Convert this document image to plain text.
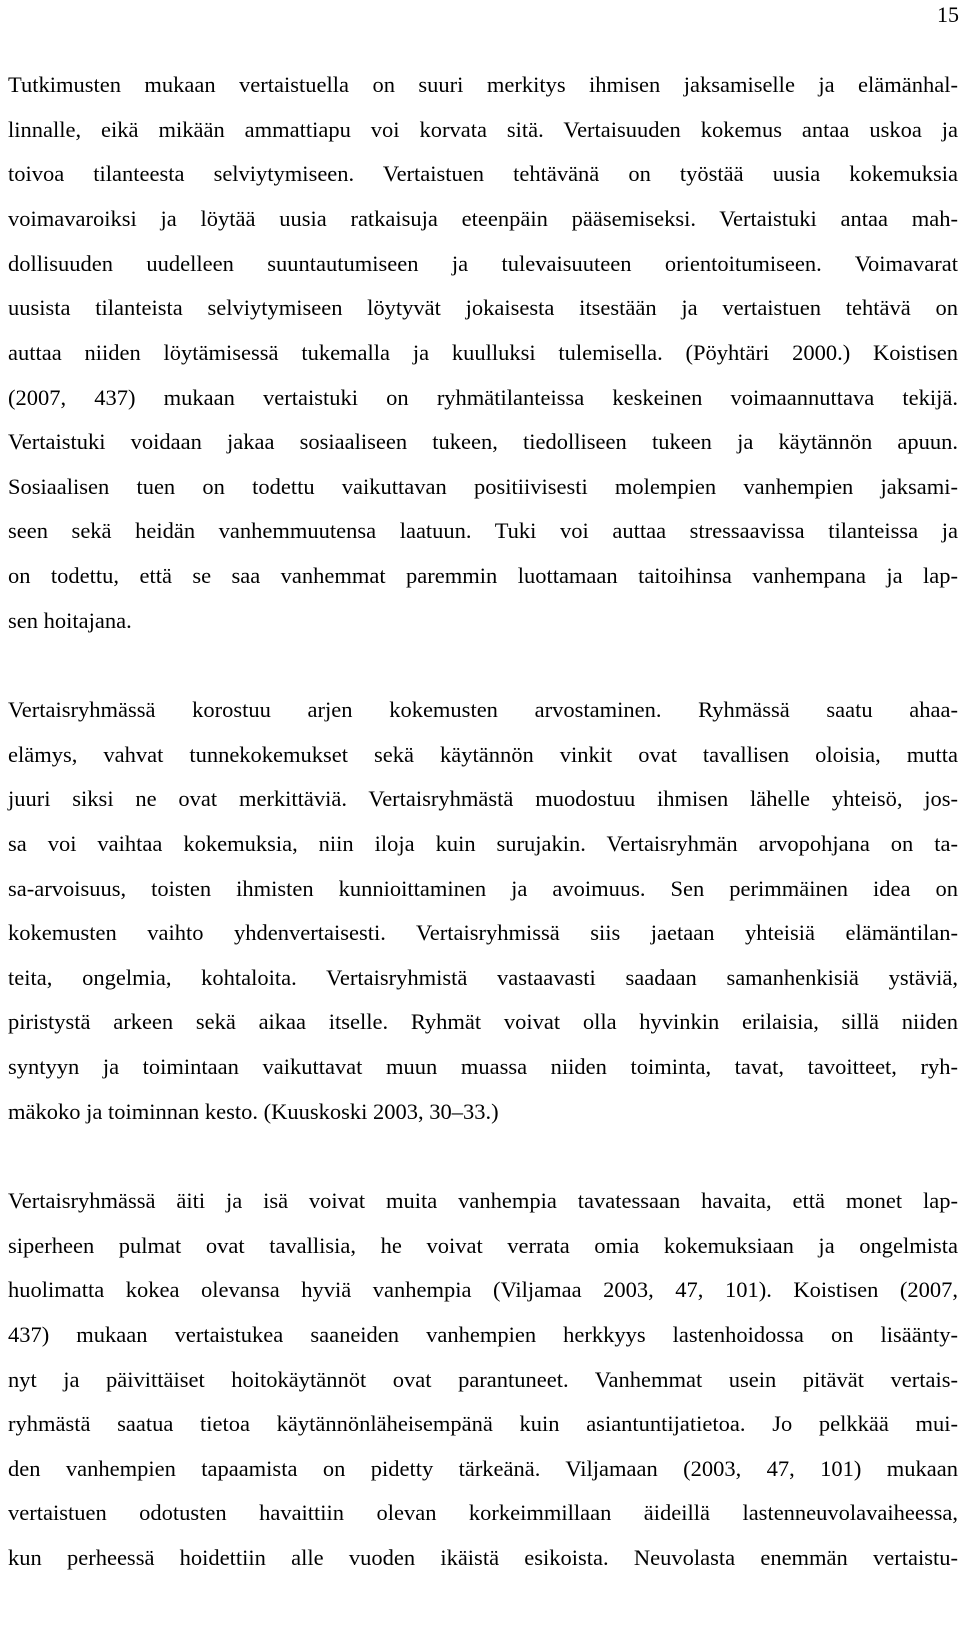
15

Tutkimusten mukaan vertaistuella on suuri merkitys ihmisen jaksamiselle ja elämänhal-

linnalle, eikä mikään ammattiapu voi korvata sitä. Vertaisuuden kokemus antaa uskoa ja

toivoa tilanteesta selviytymiseen. Vertaistuen tehtävänä on työstää uusia kokemuksia

voimavaroiksi ja löytää uusia ratkaisuja eteenpäin pääsemiseksi. Vertaistuki antaa mah-

dollisuuden uudelleen suuntautumiseen ja tulevaisuuteen orientoitumiseen. Voimavarat

uusista tilanteista selviytymiseen löytyvät jokaisesta itsestään ja vertaistuen tehtävä on

auttaa niiden löytämisessä tukemalla ja kuulluksi tulemisella. (Pöyhtäri 2000.) Koistisen

(2007, 437) mukaan vertaistuki on ryhmätilanteissa keskeinen voimaannuttava tekijä.

Vertaistuki voidaan jakaa sosiaaliseen tukeen, tiedolliseen tukeen ja käytännön apuun.

Sosiaalisen tuen on todettu vaikuttavan positiivisesti molempien vanhempien jaksami-

seen sekä heidän vanhemmuutensa laatuun. Tuki voi auttaa stressaavissa tilanteissa ja

on todettu, että se saa vanhemmat paremmin luottamaan taitoihinsa vanhempana ja lap-

sen hoitajana.

Vertaisryhmässä korostuu arjen kokemusten arvostaminen. Ryhmässä saatu ahaa-

elämys, vahvat tunnekokemukset sekä käytännön vinkit ovat tavallisen oloisia, mutta

juuri siksi ne ovat merkittäviä. Vertaisryhmästä muodostuu ihmisen lähelle yhteisö, jos-

sa voi vaihtaa kokemuksia, niin iloja kuin surujakin. Vertaisryhmän arvopohjana on ta-

sa-arvoisuus, toisten ihmisten kunnioittaminen ja avoimuus. Sen perimmäinen idea on

kokemusten vaihto yhdenvertaisesti. Vertaisryhmissä siis jaetaan yhteisiä elämäntilan-

teita, ongelmia, kohtaloita. Vertaisryhmistä vastaavasti saadaan samanhenkisiä ystäviä,

piristystä arkeen sekä aikaa itselle. Ryhmät voivat olla hyvinkin erilaisia, sillä niiden

syntyyn ja toimintaan vaikuttavat muun muassa niiden toiminta, tavat, tavoitteet, ryh-

mäkoko ja toiminnan kesto. (Kuuskoski 2003, 30–33.)

Vertaisryhmässä äiti ja isä voivat muita vanhempia tavatessaan havaita, että monet lap-

siperheen pulmat ovat tavallisia, he voivat verrata omia kokemuksiaan ja ongelmista

huolimatta kokea olevansa hyviä vanhempia (Viljamaa 2003, 47, 101). Koistisen (2007,

437) mukaan vertaistukea saaneiden vanhempien herkkyys lastenhoidossa on lisäänty-

nyt ja päivittäiset hoitokäytännöt ovat parantuneet. Vanhemmat usein pitävät vertais-

ryhmästä saatua tietoa käytännönläheisempänä kuin asiantuntijatietoa. Jo pelkkää mui-

den vanhempien tapaamista on pidetty tärkeänä. Viljamaan (2003, 47, 101) mukaan

vertaistuen odotusten havaittiin olevan korkeimmillaan äideillä lastenneuvolavaiheessa,

kun perheessä hoidettiin alle vuoden ikäistä esikoista. Neuvolasta enemmän vertaistu-
